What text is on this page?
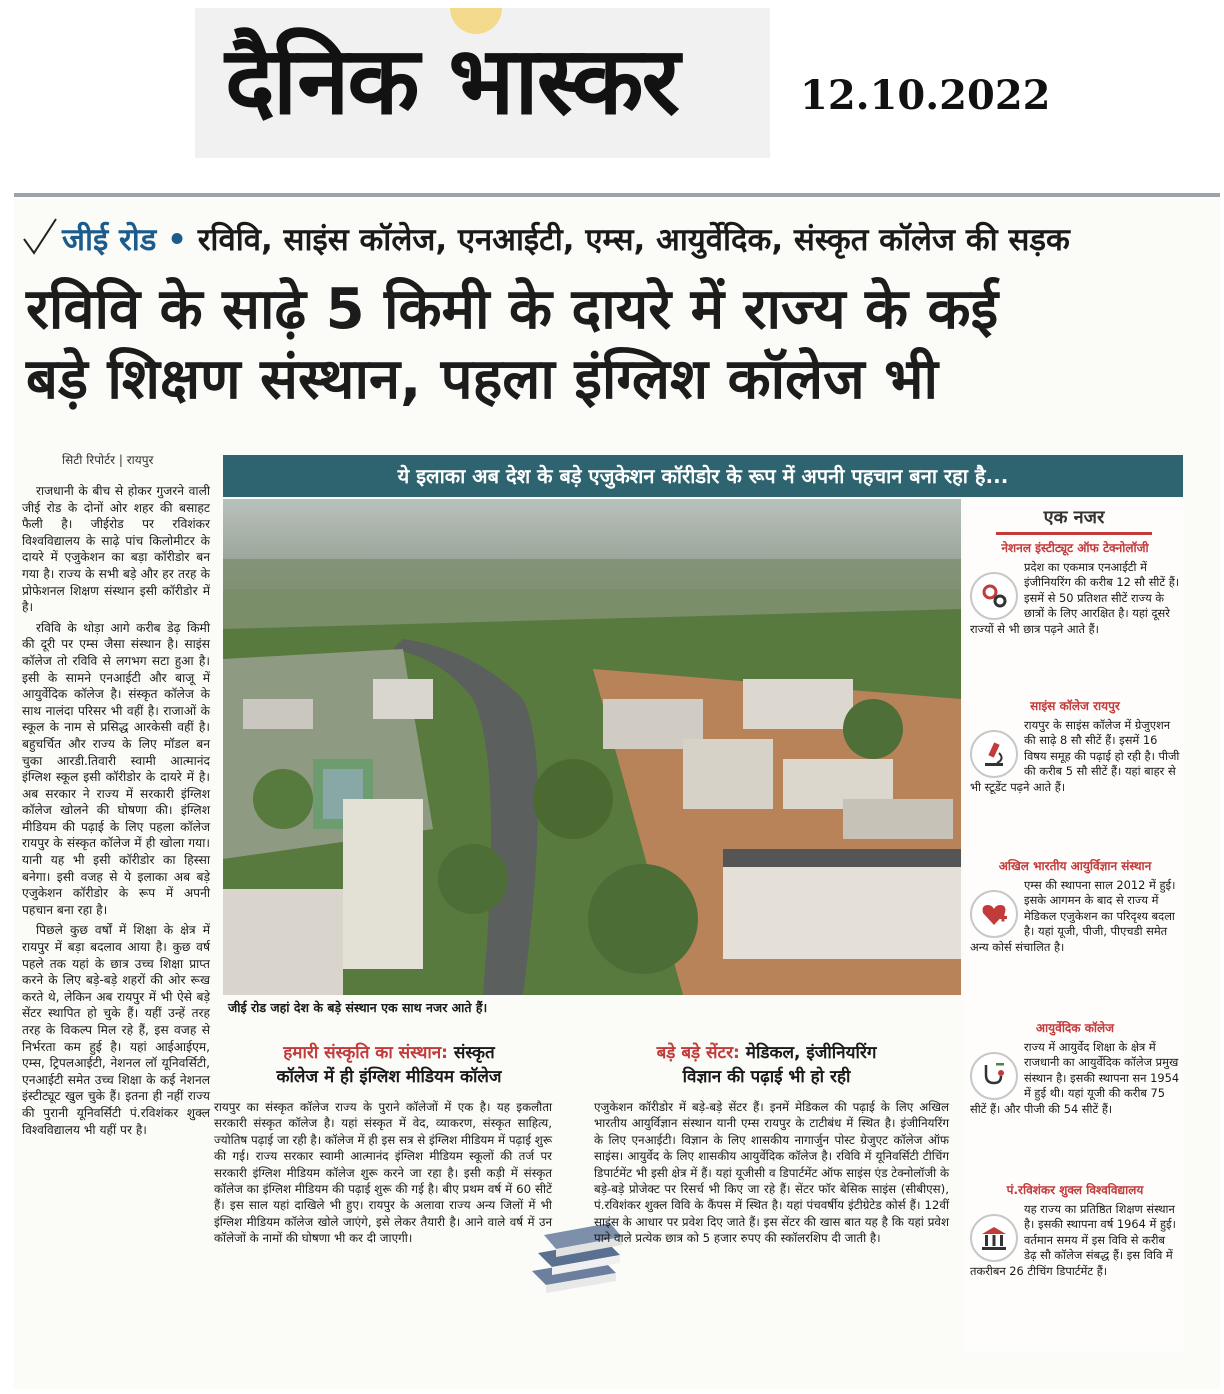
दैनिक भास्कर	12.10.2022
जीई रोड • रविवि, साइंस कॉलेज, एनआईटी, एम्स, आयुर्वेदिक, संस्कृत कॉलेज की सड़क
रविवि के साढ़े 5 किमी के दायरे में राज्य के कई
बड़े शिक्षण संस्थान, पहला इंग्लिश कॉलेज भी
सिटी रिपोर्टर | रायपुर

राजधानी के बीच से होकर गुजरने वाली जीई रोड के दोनों ओर शहर की बसाहट फैली है। जीईरोड पर रविशंकर विश्वविद्यालय के साढ़े पांच किलोमीटर के दायरे में एजुकेशन का बड़ा कॉरीडोर बन गया है। राज्य के सभी बड़े और हर तरह के प्रोफेशनल शिक्षण संस्थान इसी कॉरीडोर में है।

रविवि के थोड़ा आगे करीब डेढ़ किमी की दूरी पर एम्स जैसा संस्थान है। साइंस कॉलेज तो रविवि से लगभग सटा हुआ है। इसी के सामने एनआईटी और बाजू में आयुर्वेदिक कॉलेज है। संस्कृत कॉलेज के साथ नालंदा परिसर भी वहीं है। राजाओं के स्कूल के नाम से प्रसिद्ध आरकेसी वहीं है। बहुचर्चित और राज्य के लिए मॉडल बन चुका आरडी.तिवारी स्वामी आत्मानंद इंग्लिश स्कूल इसी कॉरीडोर के दायरे में है। अब सरकार ने राज्य में सरकारी इंग्लिश कॉलेज खोलने की घोषणा की। इंग्लिश मीडियम की पढ़ाई के लिए पहला कॉलेज रायपुर के संस्कृत कॉलेज में ही खोला गया। यानी यह भी इसी कॉरीडोर का हिस्सा बनेगा। इसी वजह से ये इलाका अब बड़े एजुकेशन कॉरीडोर के रूप में अपनी पहचान बना रहा है।

पिछले कुछ वर्षों में शिक्षा के क्षेत्र में रायपुर में बड़ा बदलाव आया है। कुछ वर्ष पहले तक यहां के छात्र उच्च शिक्षा प्राप्त करने के लिए बड़े-बड़े शहरों की ओर रूख करते थे, लेकिन अब रायपुर में भी ऐसे बड़े सेंटर स्थापित हो चुके हैं। यहीं उन्हें तरह तरह के विकल्प मिल रहे हैं, इस वजह से निर्भरता कम हुई है। यहां आईआईएम, एम्स, ट्रिपलआईटी, नेशनल लॉ यूनिवर्सिटी, एनआईटी समेत उच्च शिक्षा के कई नेशनल इंस्टीट्यूट खुल चुके हैं। इतना ही नहीं राज्य की पुरानी यूनिवर्सिटी पं.रविशंकर शुक्ल विश्वविद्यालय भी यहीं पर है।

ये इलाका अब देश के बड़े एजुकेशन कॉरीडोर के रूप में अपनी पहचान बना रहा है...
जीई रोड जहां देश के बड़े संस्थान एक साथ नजर आते हैं।
एक नजर
नेशनल इंस्टीट्यूट ऑफ टेक्नोलॉजी
प्रदेश का एकमात्र एनआईटी में इंजीनियरिंग की करीब 12 सौ सीटें हैं। इसमें से 50 प्रतिशत सीटें राज्य के छात्रों के लिए आरक्षित है। यहां दूसरे राज्यों से भी छात्र पढ़ने आते हैं।
साइंस कॉलेज रायपुर
रायपुर के साइंस कॉलेज में ग्रेजुएशन की साढ़े 8 सौ सीटें हैं। इसमें 16 विषय समूह की पढ़ाई हो रही है। पीजी की करीब 5 सौ सीटें हैं। यहां बाहर से भी स्टूडेंट पढ़ने आते हैं।
अखिल भारतीय आयुर्विज्ञान संस्थान
एम्स की स्थापना साल 2012 में हुई। इसके आगमन के बाद से राज्य में मेडिकल एजुकेशन का परिदृश्य बदला है। यहां यूजी, पीजी, पीएचडी समेत अन्य कोर्स संचालित है।
आयुर्वेदिक कॉलेज
राज्य में आयुर्वेद शिक्षा के क्षेत्र में राजधानी का आयुर्वेदिक कॉलेज प्रमुख संस्थान है। इसकी स्थापना सन 1954 में हुई थी। यहां यूजी की करीब 75 सीटें हैं। और पीजी की 54 सीटें हैं।
पं.रविशंकर शुक्ल विश्वविद्यालय
यह राज्य का प्रतिष्ठित शिक्षण संस्थान है। इसकी स्थापना वर्ष 1964 में हुई। वर्तमान समय में इस विवि से करीब डेढ़ सौ कॉलेज संबद्ध हैं। इस विवि में तकरीबन 26 टीचिंग डिपार्टमेंट हैं।
हमारी संस्कृति का संस्थान: संस्कृत
कॉलेज में ही इंग्लिश मीडियम कॉलेज
रायपुर का संस्कृत कॉलेज राज्य के पुराने कॉलेजों में एक है। यह इकलौता सरकारी संस्कृत कॉलेज है। यहां संस्कृत में वेद, व्याकरण, संस्कृत साहित्य, ज्योतिष पढ़ाई जा रही है। कॉलेज में ही इस सत्र से इंग्लिश मीडियम में पढ़ाई शुरू की गई। राज्य सरकार स्वामी आत्मानंद इंग्लिश मीडियम स्कूलों की तर्ज पर सरकारी इंग्लिश मीडियम कॉलेज शुरू करने जा रहा है। इसी कड़ी में संस्कृत कॉलेज का इंग्लिश मीडियम की पढ़ाई शुरू की गई है। बीए प्रथम वर्ष में 60 सीटें हैं। इस साल यहां दाखिले भी हुए। रायपुर के अलावा राज्य अन्य जिलों में भी इंग्लिश मीडियम कॉलेज खोले जाएंगे, इसे लेकर तैयारी है। आने वाले वर्ष में उन कॉलेजों के नामों की घोषणा भी कर दी जाएगी।
बड़े बड़े सेंटर: मेडिकल, इंजीनियरिंग
विज्ञान की पढ़ाई भी हो रही
एजुकेशन कॉरीडोर में बड़े-बड़े सेंटर हैं। इनमें मेडिकल की पढ़ाई के लिए अखिल भारतीय आयुर्विज्ञान संस्थान यानी एम्स रायपुर के टाटीबंध में स्थित है। इंजीनियरिंग के लिए एनआईटी। विज्ञान के लिए शासकीय नागार्जुन पोस्ट ग्रेजुएट कॉलेज ऑफ साइंस। आयुर्वेद के लिए शासकीय आयुर्वेदिक कॉलेज है। रविवि में यूनिवर्सिटी टीचिंग डिपार्टमेंट भी इसी क्षेत्र में हैं। यहां यूजीसी व डिपार्टमेंट ऑफ साइंस एंड टेक्नोलॉजी के बड़े-बड़े प्रोजेक्ट पर रिसर्च भी किए जा रहे हैं। सेंटर फॉर बेसिक साइंस (सीबीएस), पं.रविशंकर शुक्ल विवि के कैंपस में स्थित है। यहां पंचवर्षीय इंटीग्रेटेड कोर्स हैं। 12वीं साइंस के आधार पर प्रवेश दिए जाते हैं। इस सेंटर की खास बात यह है कि यहां प्रवेश पाने वाले प्रत्येक छात्र को 5 हजार रुपए की स्कॉलरशिप दी जाती है।
